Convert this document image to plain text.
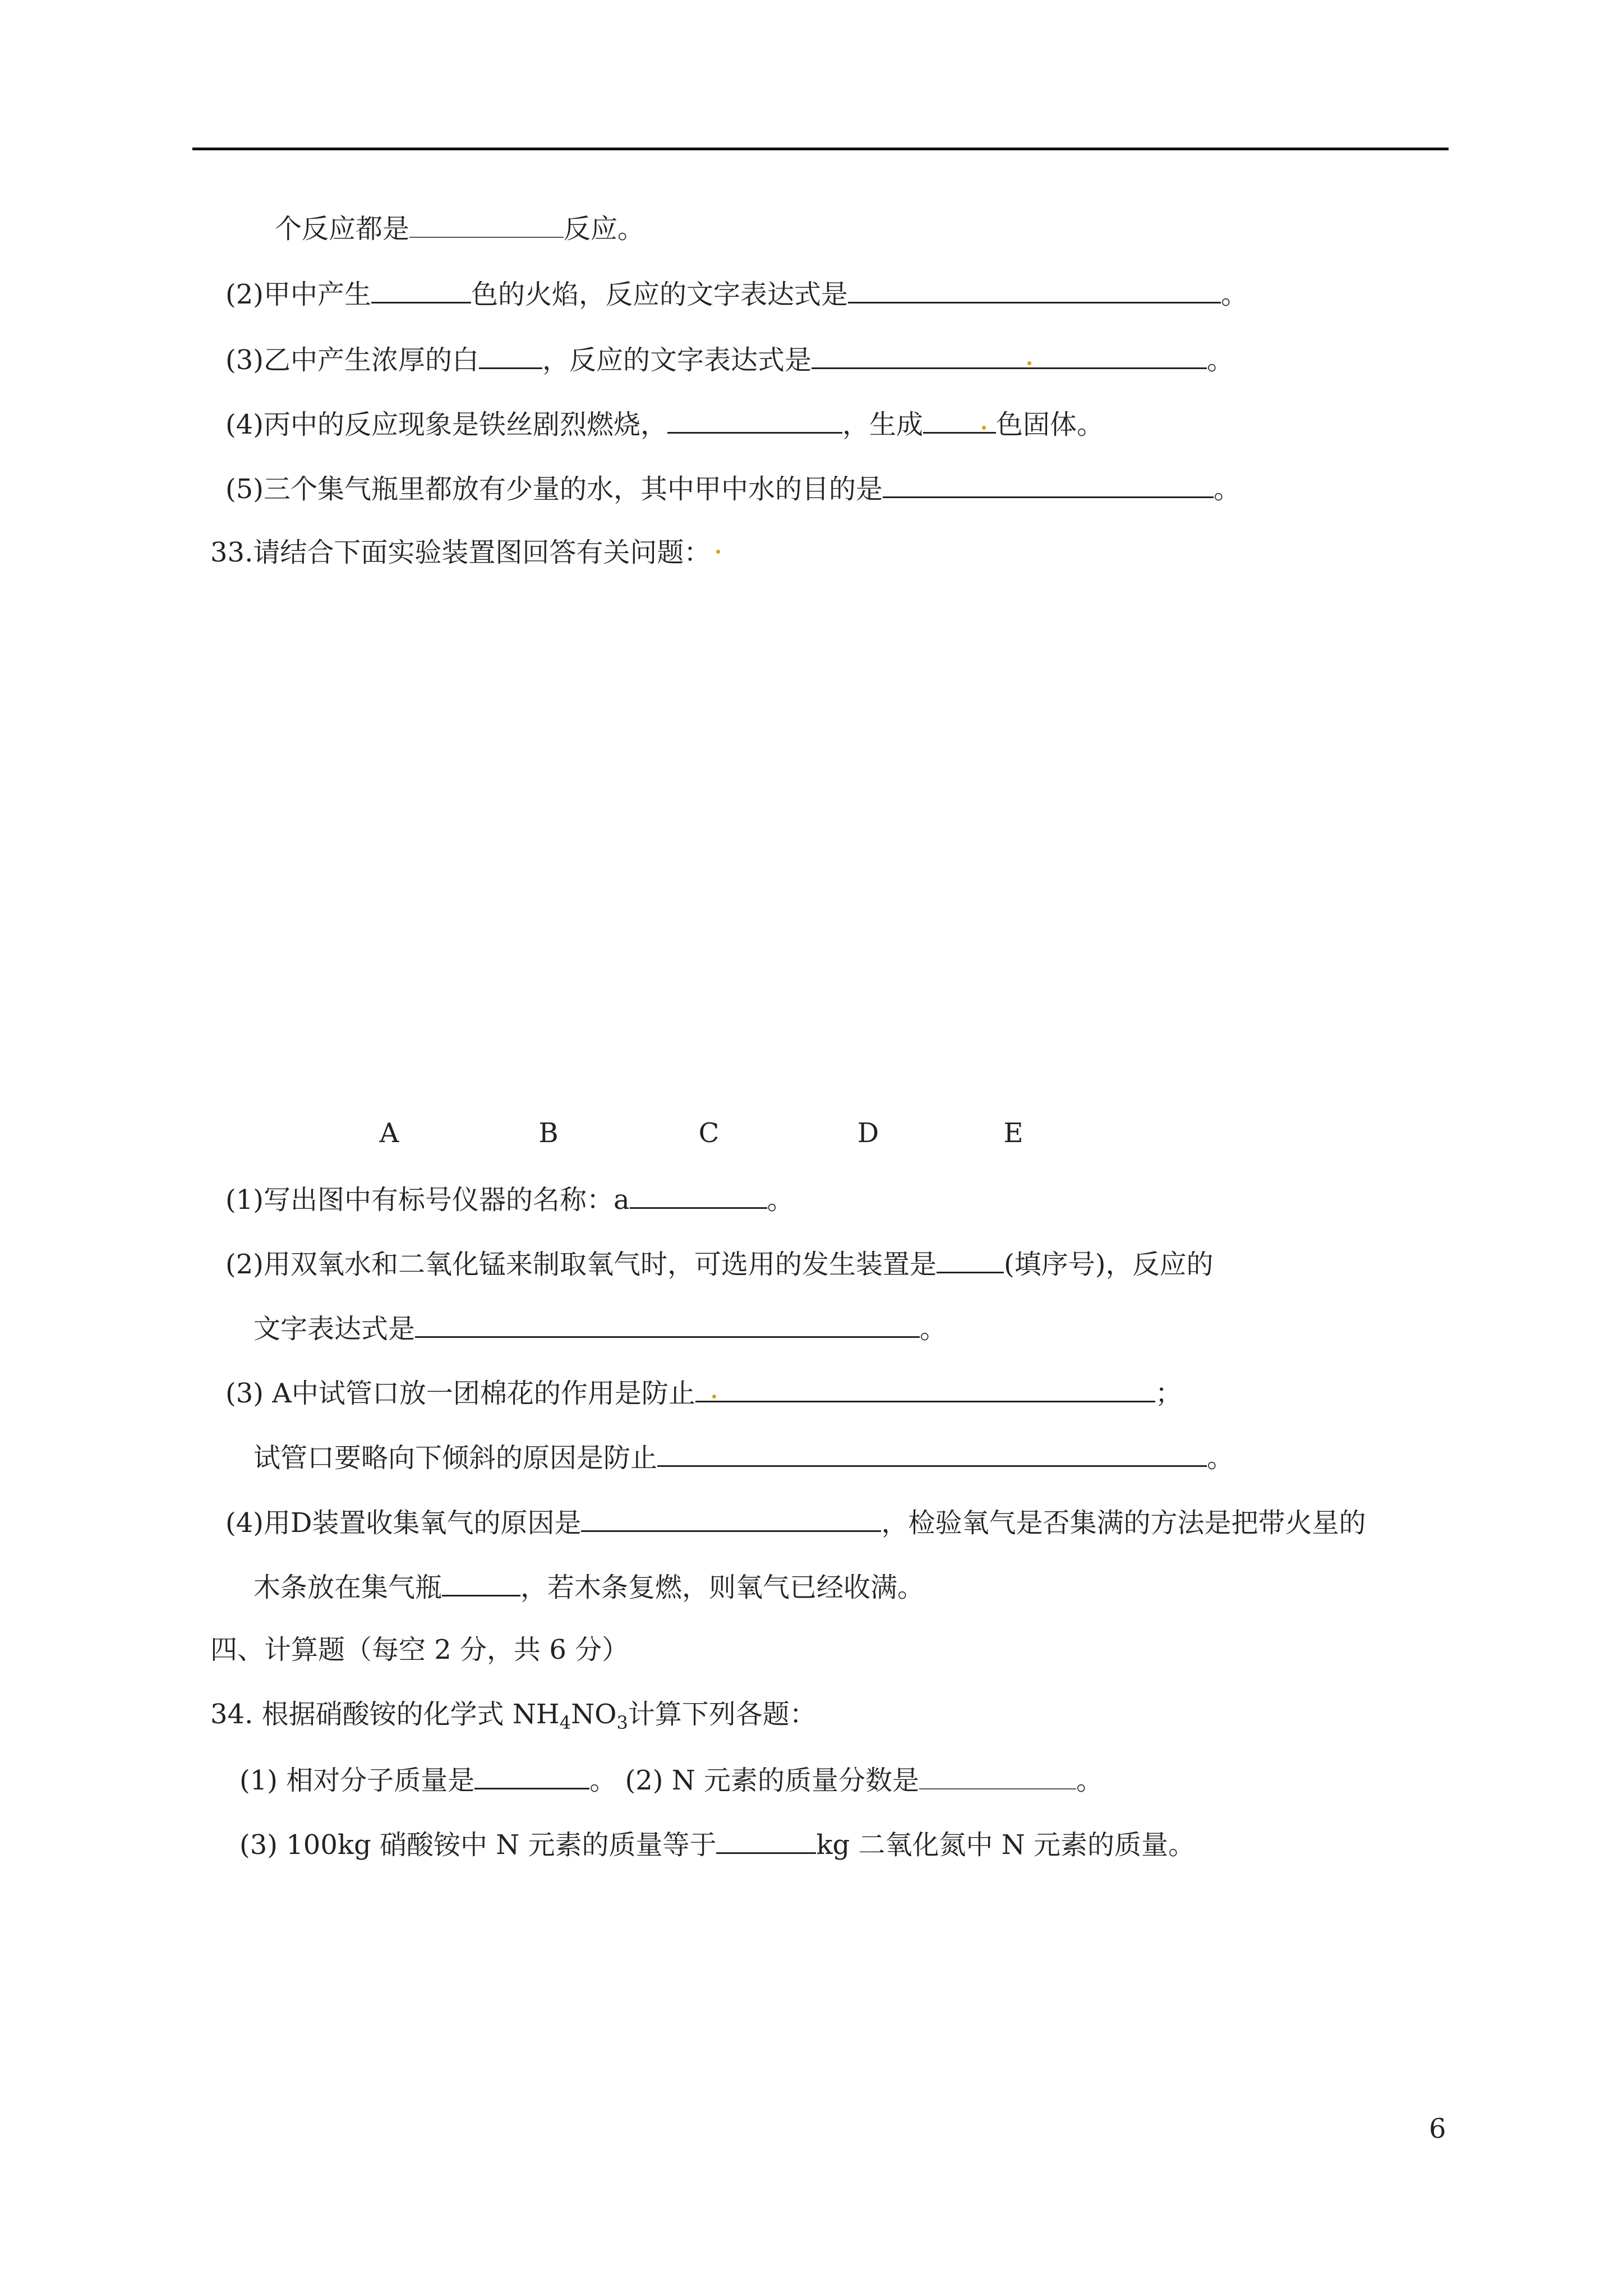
个反应都是	反应。
(2)甲中产生	色的火焰，反应的文字表达式是	。
(3)乙中产生浓厚的白 ，反应的文字表达式是	。
(4)丙中的反应现象是铁丝剧烈燃烧，	，生成	色固体。
(5)三个集气瓶里都放有少量的水，其中甲中水的目的是	。
33.请结合下面实验装置图回答有关问题：
A	B	C	D	E
(1)写出图中有标号仪器的名称：a	。
(2)用双氧水和二氧化锰来制取氧气时，可选用的发生装置是	(填序号)，反应的
文字表达式是	。
(3) A中试管口放一团棉花的作用是防止	；
试管口要略向下倾斜的原因是防止	。
(4)用D装置收集氧气的原因是	，检验氧气是否集满的方法是把带火星的
木条放在集气瓶	，若木条复燃，则氧气已经收满。
四、计算题（每空 2 分，共 6 分）
34. 根据硝酸铵的化学式 $NH_4NO_3$计算下列各题：
(1) 相对分子质量是	。 (2) N 元素的质量分数是	。
(3) 100kg 硝酸铵中 N 元素的质量等于	kg 二氧化氮中 N 元素的质量。
6
